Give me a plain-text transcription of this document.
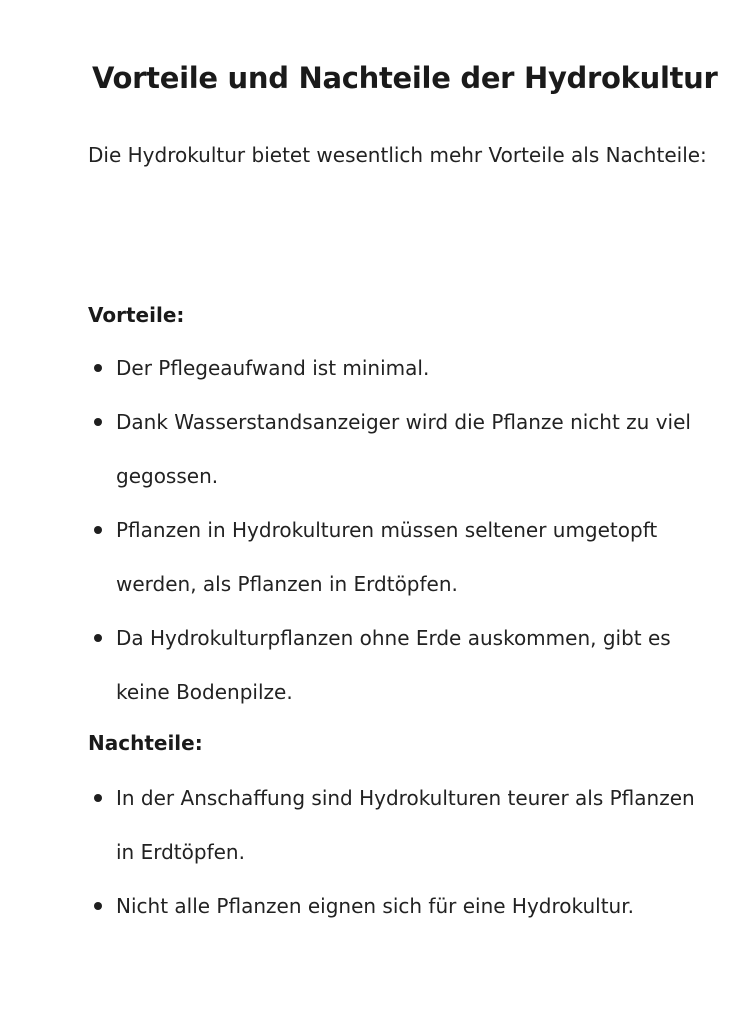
Vorteile und Nachteile der Hydrokultur

Die Hydrokultur bietet wesentlich mehr Vorteile als Nachteile:

Vorteile:
Der Pflegeaufwand ist minimal.
Dank Wasserstandsanzeiger wird die Pflanze nicht zu viel gegossen.
Pflanzen in Hydrokulturen müssen seltener umgetopft werden, als Pflanzen in Erdtöpfen.
Da Hydrokulturpflanzen ohne Erde auskommen, gibt es keine Bodenpilze.
Nachteile:
In der Anschaffung sind Hydrokulturen teurer als Pflanzen in Erdtöpfen.
Nicht alle Pflanzen eignen sich für eine Hydrokultur.
